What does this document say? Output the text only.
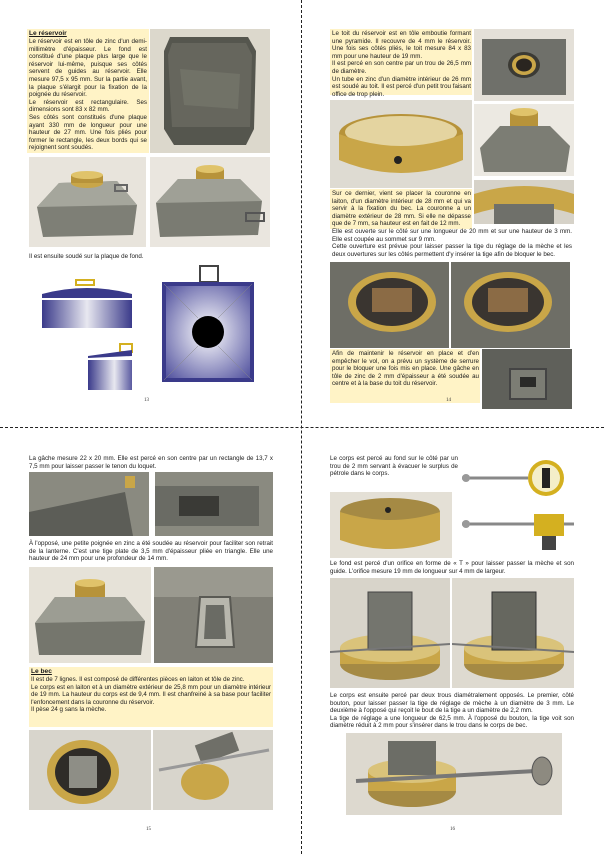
Le réservoir

Le réservoir est en tôle de zinc d'un demi-millimètre d'épaisseur. Le fond est constitué d'une plaque plus large que le réservoir lui-même, puisque ses côtés servent de guides au réservoir. Elle mesure 97,5 x 95 mm. Sur la partie avant, la plaque s'élargit pour la fixation de la poignée du réservoir.

Le réservoir est rectangulaire. Ses dimensions sont 83 x 82 mm.

Ses côtés sont constitués d'une plaque ayant 330 mm de longueur pour une hauteur de 27 mm. Une fois pliés pour former le rectangle, les deux bords qui se rejoignent sont soudés.

Il est ensuite soudé sur la plaque de fond.

13

Le toit du réservoir est en tôle emboutie formant une pyramide. Il recouvre de 4 mm le réservoir. Une fois ses côtés pliés, le toit mesure 84 x 83 mm pour une hauteur de 19 mm.

Il est percé en son centre par un trou de 26,5 mm de diamètre.

Un tube en zinc d'un diamètre intérieur de 26 mm est soudé au toit. Il est percé d'un petit trou faisant office de trop plein.

Sur ce dernier, vient se placer la couronne en laiton, d'un diamètre intérieur de 28 mm et qui va servir à la fixation du bec. La couronne a un diamètre extérieur de 28 mm. Si elle ne dépasse que de 7 mm, sa hauteur est en fait de 12 mm.

Elle est ouverte sur le côté sur une longueur de 20 mm et sur une hauteur de 3 mm. Elle est coupée au sommet sur 9 mm.

Cette ouverture est prévue pour laisser passer la tige du réglage de la mèche et les deux ouvertures sur les côtés permettent d'y insérer la tige afin de bloquer le bec.

Afin de maintenir le réservoir en place et d'en empêcher le vol, on a prévu un système de serrure pour le bloquer une fois mis en place. Une gâche en tôle de zinc de 2 mm d'épaisseur a été soudée au centre et à la base du toit du réservoir.

14

La gâche mesure 22 x 20 mm. Elle est percé en son centre par un rectangle de 13,7 x 7,5 mm pour laisser passer le tenon du loquet.

À l'opposé, une petite poignée en zinc a été soudée au réservoir pour faciliter son retrait de la lanterne. C'est une tige plate de 3,5 mm d'épaisseur pliée en triangle. Elle une hauteur de 24 mm pour une profondeur de 14 mm.

Le bec

Il est de 7 lignes. Il est composé de différentes pièces en laiton et tôle de zinc.

Le corps est en laiton et à un diamètre extérieur de 25,8 mm pour un diamètre intérieur de 19 mm. La hauteur du corps est de 9,4 mm. Il est chanfreiné à sa base pour faciliter l'enfoncement dans la couronne du réservoir.

Il pèse 24 g sans la mèche.

15

Le corps est percé au fond sur le côté par un trou de 2 mm servant à évacuer le surplus de pétrole dans le corps.

Le fond est percé d'un orifice en forme de « T » pour laisser passer la mèche et son guide. L'orifice mesure 19 mm de longueur sur 4 mm de largeur.

Le corps est ensuite percé par deux trous diamétralement opposés. Le premier, côté bouton, pour laisser passer la tige de réglage de mèche à un diamètre de 3 mm. Le deuxième à l'opposé qui reçoit le bout de la tige a un diamètre de 2,2 mm.

La tige de réglage a une longueur de 62,5 mm. À l'opposé du bouton, la tige voit son diamètre réduit à 2 mm pour s'insérer dans le trou dans le corps de bec.

16
